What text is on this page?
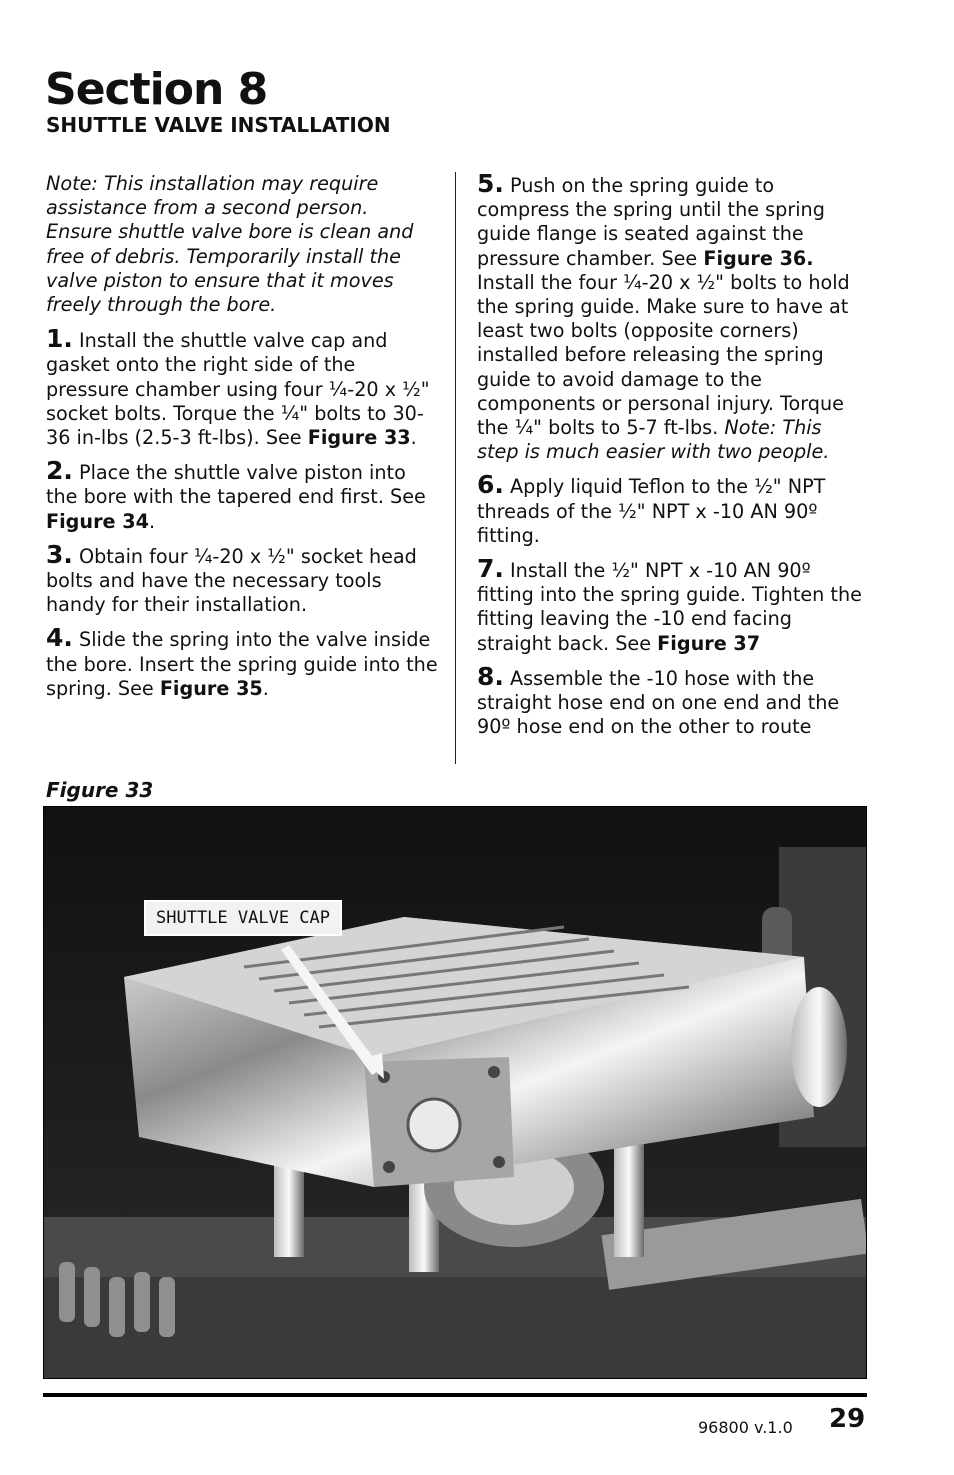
Section 8
SHUTTLE VALVE INSTALLATION

Note: This installation may require assistance from a second person. Ensure shuttle valve bore is clean and free of debris. Temporarily install the valve piston to ensure that it moves freely through the bore.

1. Install the shuttle valve cap and gasket onto the right side of the pressure chamber using four ¼-20 x ½" socket bolts. Torque the ¼" bolts to 30-36 in-lbs (2.5-3 ft-lbs). See Figure 33.

2. Place the shuttle valve piston into the bore with the tapered end first. See Figure 34.

3. Obtain four ¼-20 x ½" socket head bolts and have the necessary tools handy for their installation.

4. Slide the spring into the valve inside the bore. Insert the spring guide into the spring. See Figure 35.

5. Push on the spring guide to compress the spring until the spring guide flange is seated against the pressure chamber. See Figure 36. Install the four ¼-20 x ½" bolts to hold the spring guide. Make sure to have at least two bolts (opposite corners) installed before releasing the spring guide to avoid damage to the components or personal injury. Torque the ¼" bolts to 5-7 ft-lbs. Note: This step is much easier with two people.

6. Apply liquid Teflon to the ½" NPT threads of the ½" NPT x -10 AN 90º fitting.

7. Install the ½" NPT x -10 AN 90º fitting into the spring guide. Tighten the fitting leaving the -10 end facing straight back. See Figure 37

8. Assemble the -10 hose with the straight hose end on one end and the 90º hose end on the other to route

Figure 33

SHUTTLE VALVE CAP
96800 v.1.0 29
